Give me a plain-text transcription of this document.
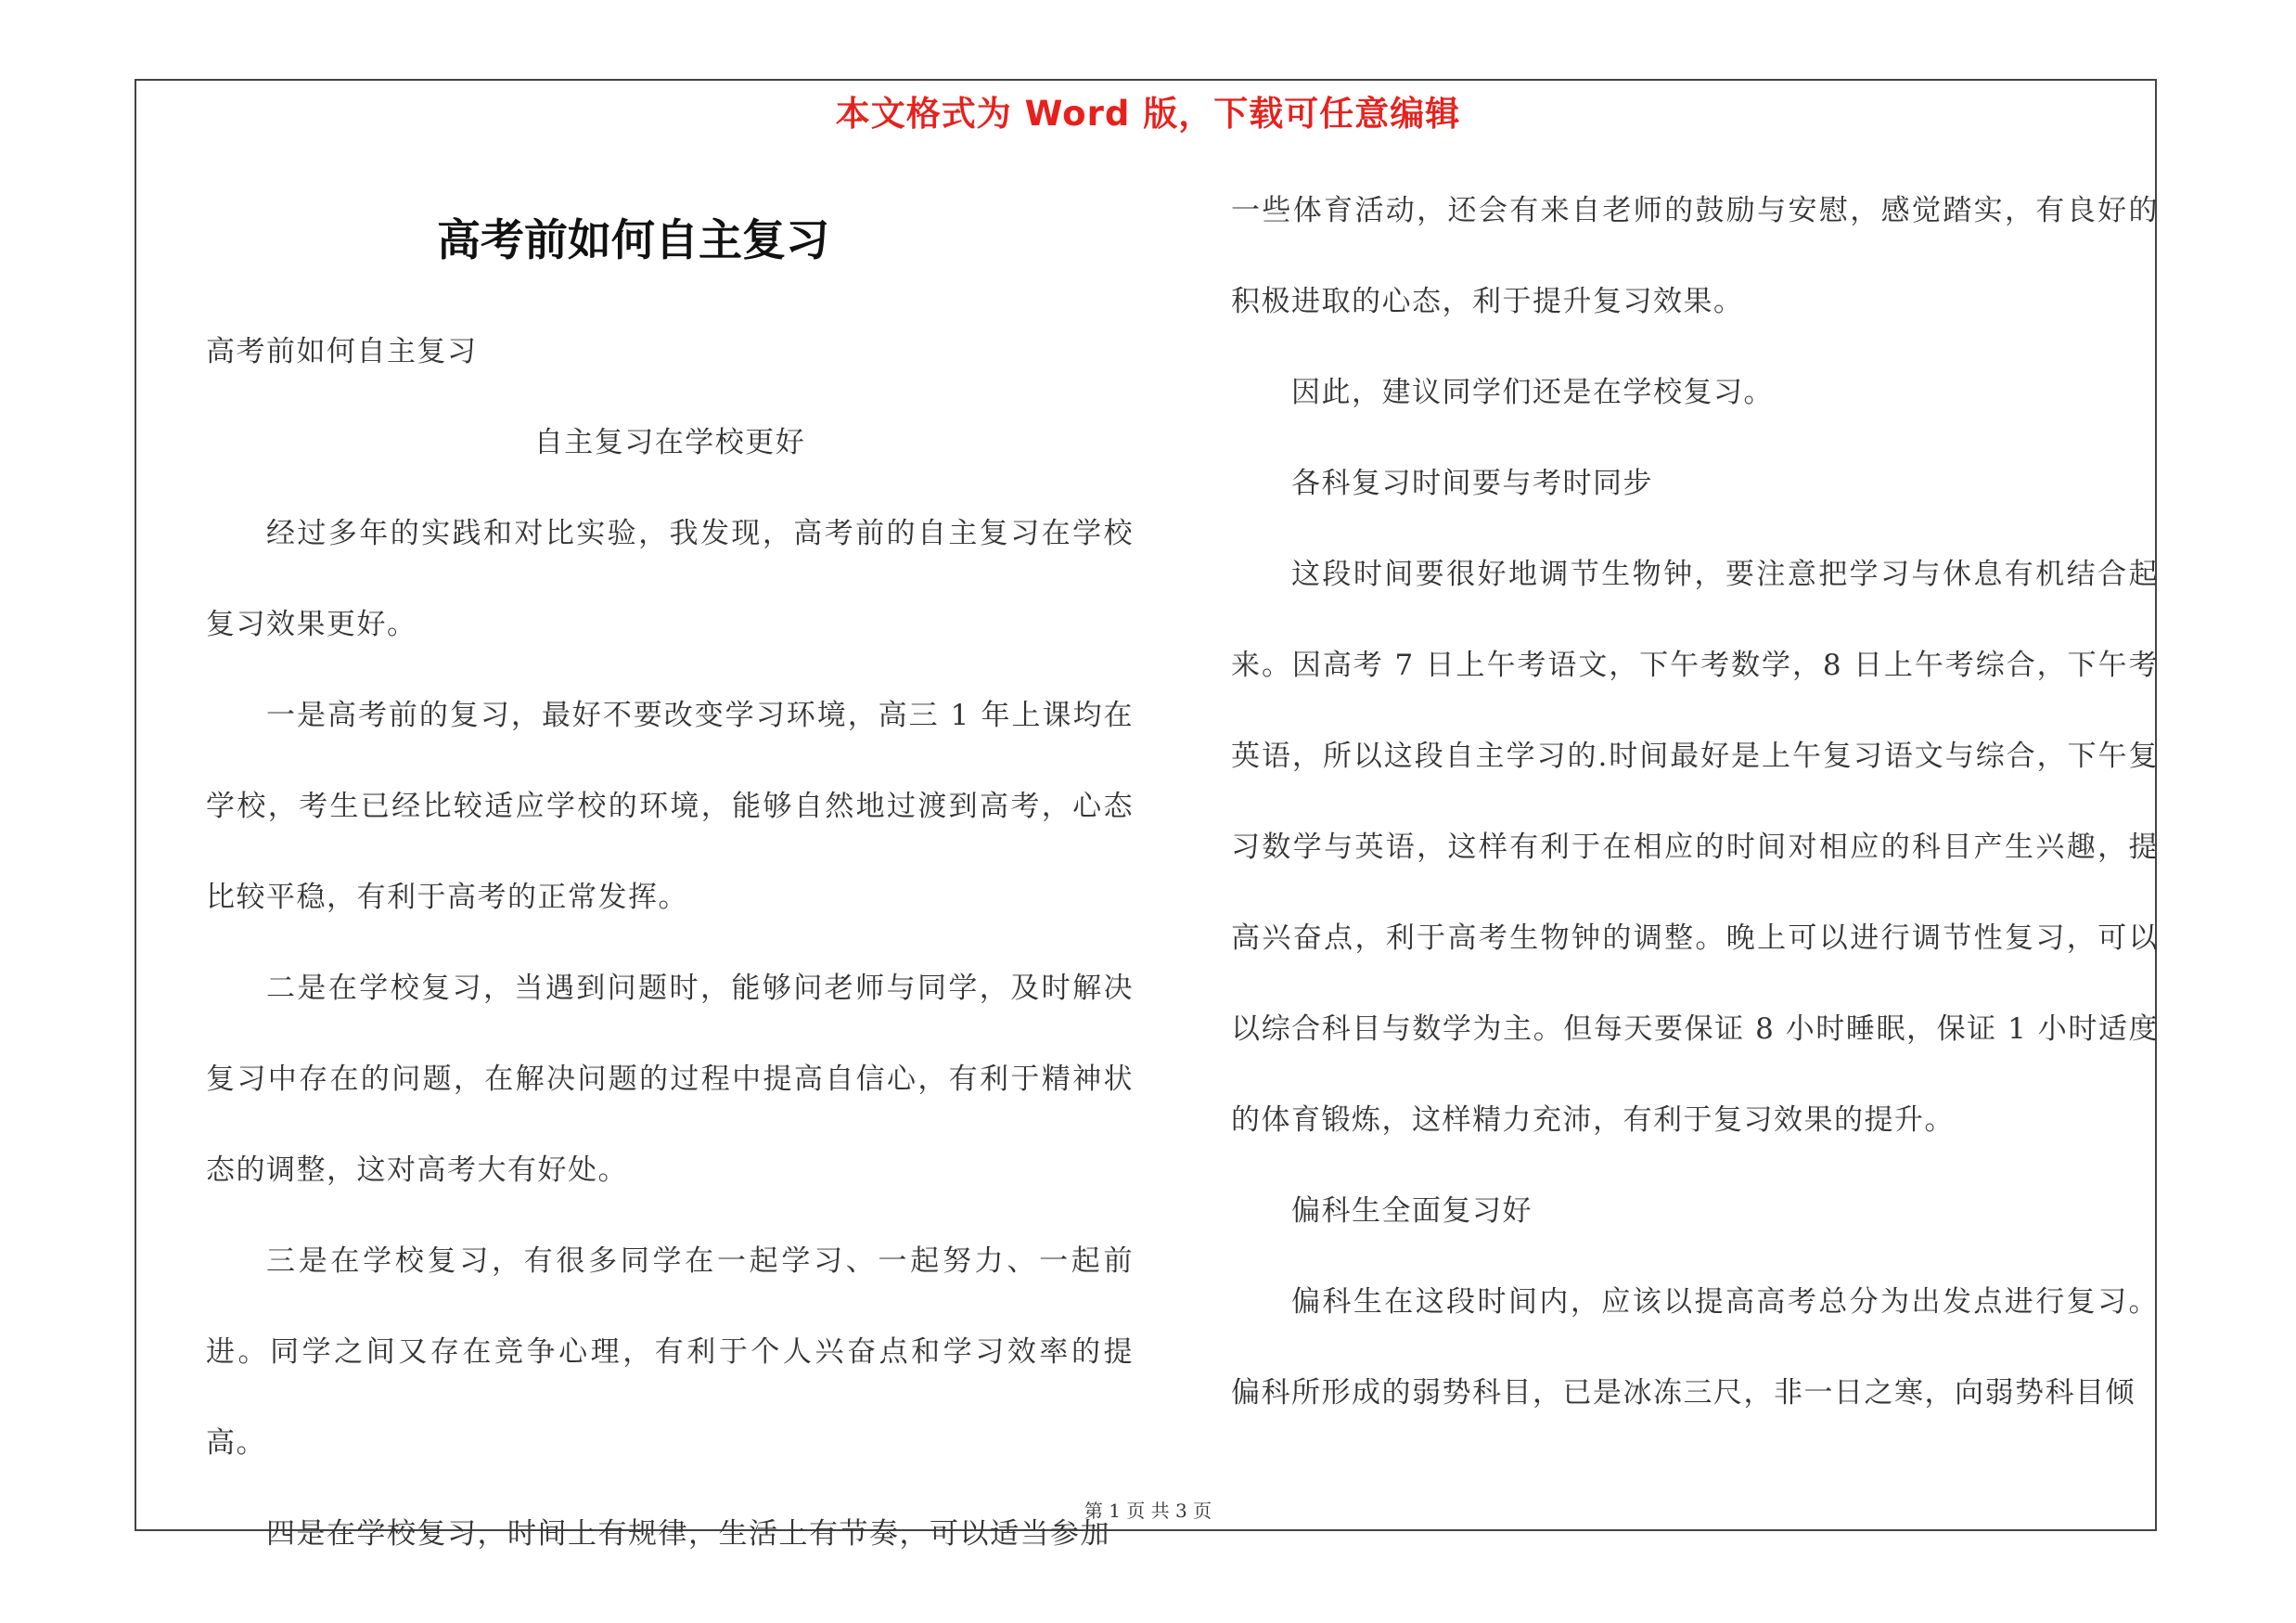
本文格式为 Word 版，下载可任意编辑
高考前如何自主复习

高考前如何自主复习

自主复习在学校更好

经过多年的实践和对比实验，我发现，高考前的自主复习在学校复习效果更好。

一是高考前的复习，最好不要改变学习环境，高三 1 年上课均在学校，考生已经比较适应学校的环境，能够自然地过渡到高考，心态比较平稳，有利于高考的正常发挥。

二是在学校复习，当遇到问题时，能够问老师与同学，及时解决复习中存在的问题，在解决问题的过程中提高自信心，有利于精神状态的调整，这对高考大有好处。

三是在学校复习，有很多同学在一起学习、一起努力、一起前进。同学之间又存在竞争心理，有利于个人兴奋点和学习效率的提高。

四是在学校复习，时间上有规律，生活上有节奏，可以适当参加

一些体育活动，还会有来自老师的鼓励与安慰，感觉踏实，有良好的积极进取的心态，利于提升复习效果。

因此，建议同学们还是在学校复习。

各科复习时间要与考时同步

这段时间要很好地调节生物钟，要注意把学习与休息有机结合起来。因高考 7 日上午考语文，下午考数学，8 日上午考综合，下午考英语，所以这段自主学习的.时间最好是上午复习语文与综合，下午复习数学与英语，这样有利于在相应的时间对相应的科目产生兴趣，提高兴奋点，利于高考生物钟的调整。晚上可以进行调节性复习，可以以综合科目与数学为主。但每天要保证 8 小时睡眠，保证 1 小时适度的体育锻炼，这样精力充沛，有利于复习效果的提升。

偏科生全面复习好

偏科生在这段时间内，应该以提高高考总分为出发点进行复习。偏科所形成的弱势科目，已是冰冻三尺，非一日之寒，向弱势科目倾

第 1 页 共 3 页
